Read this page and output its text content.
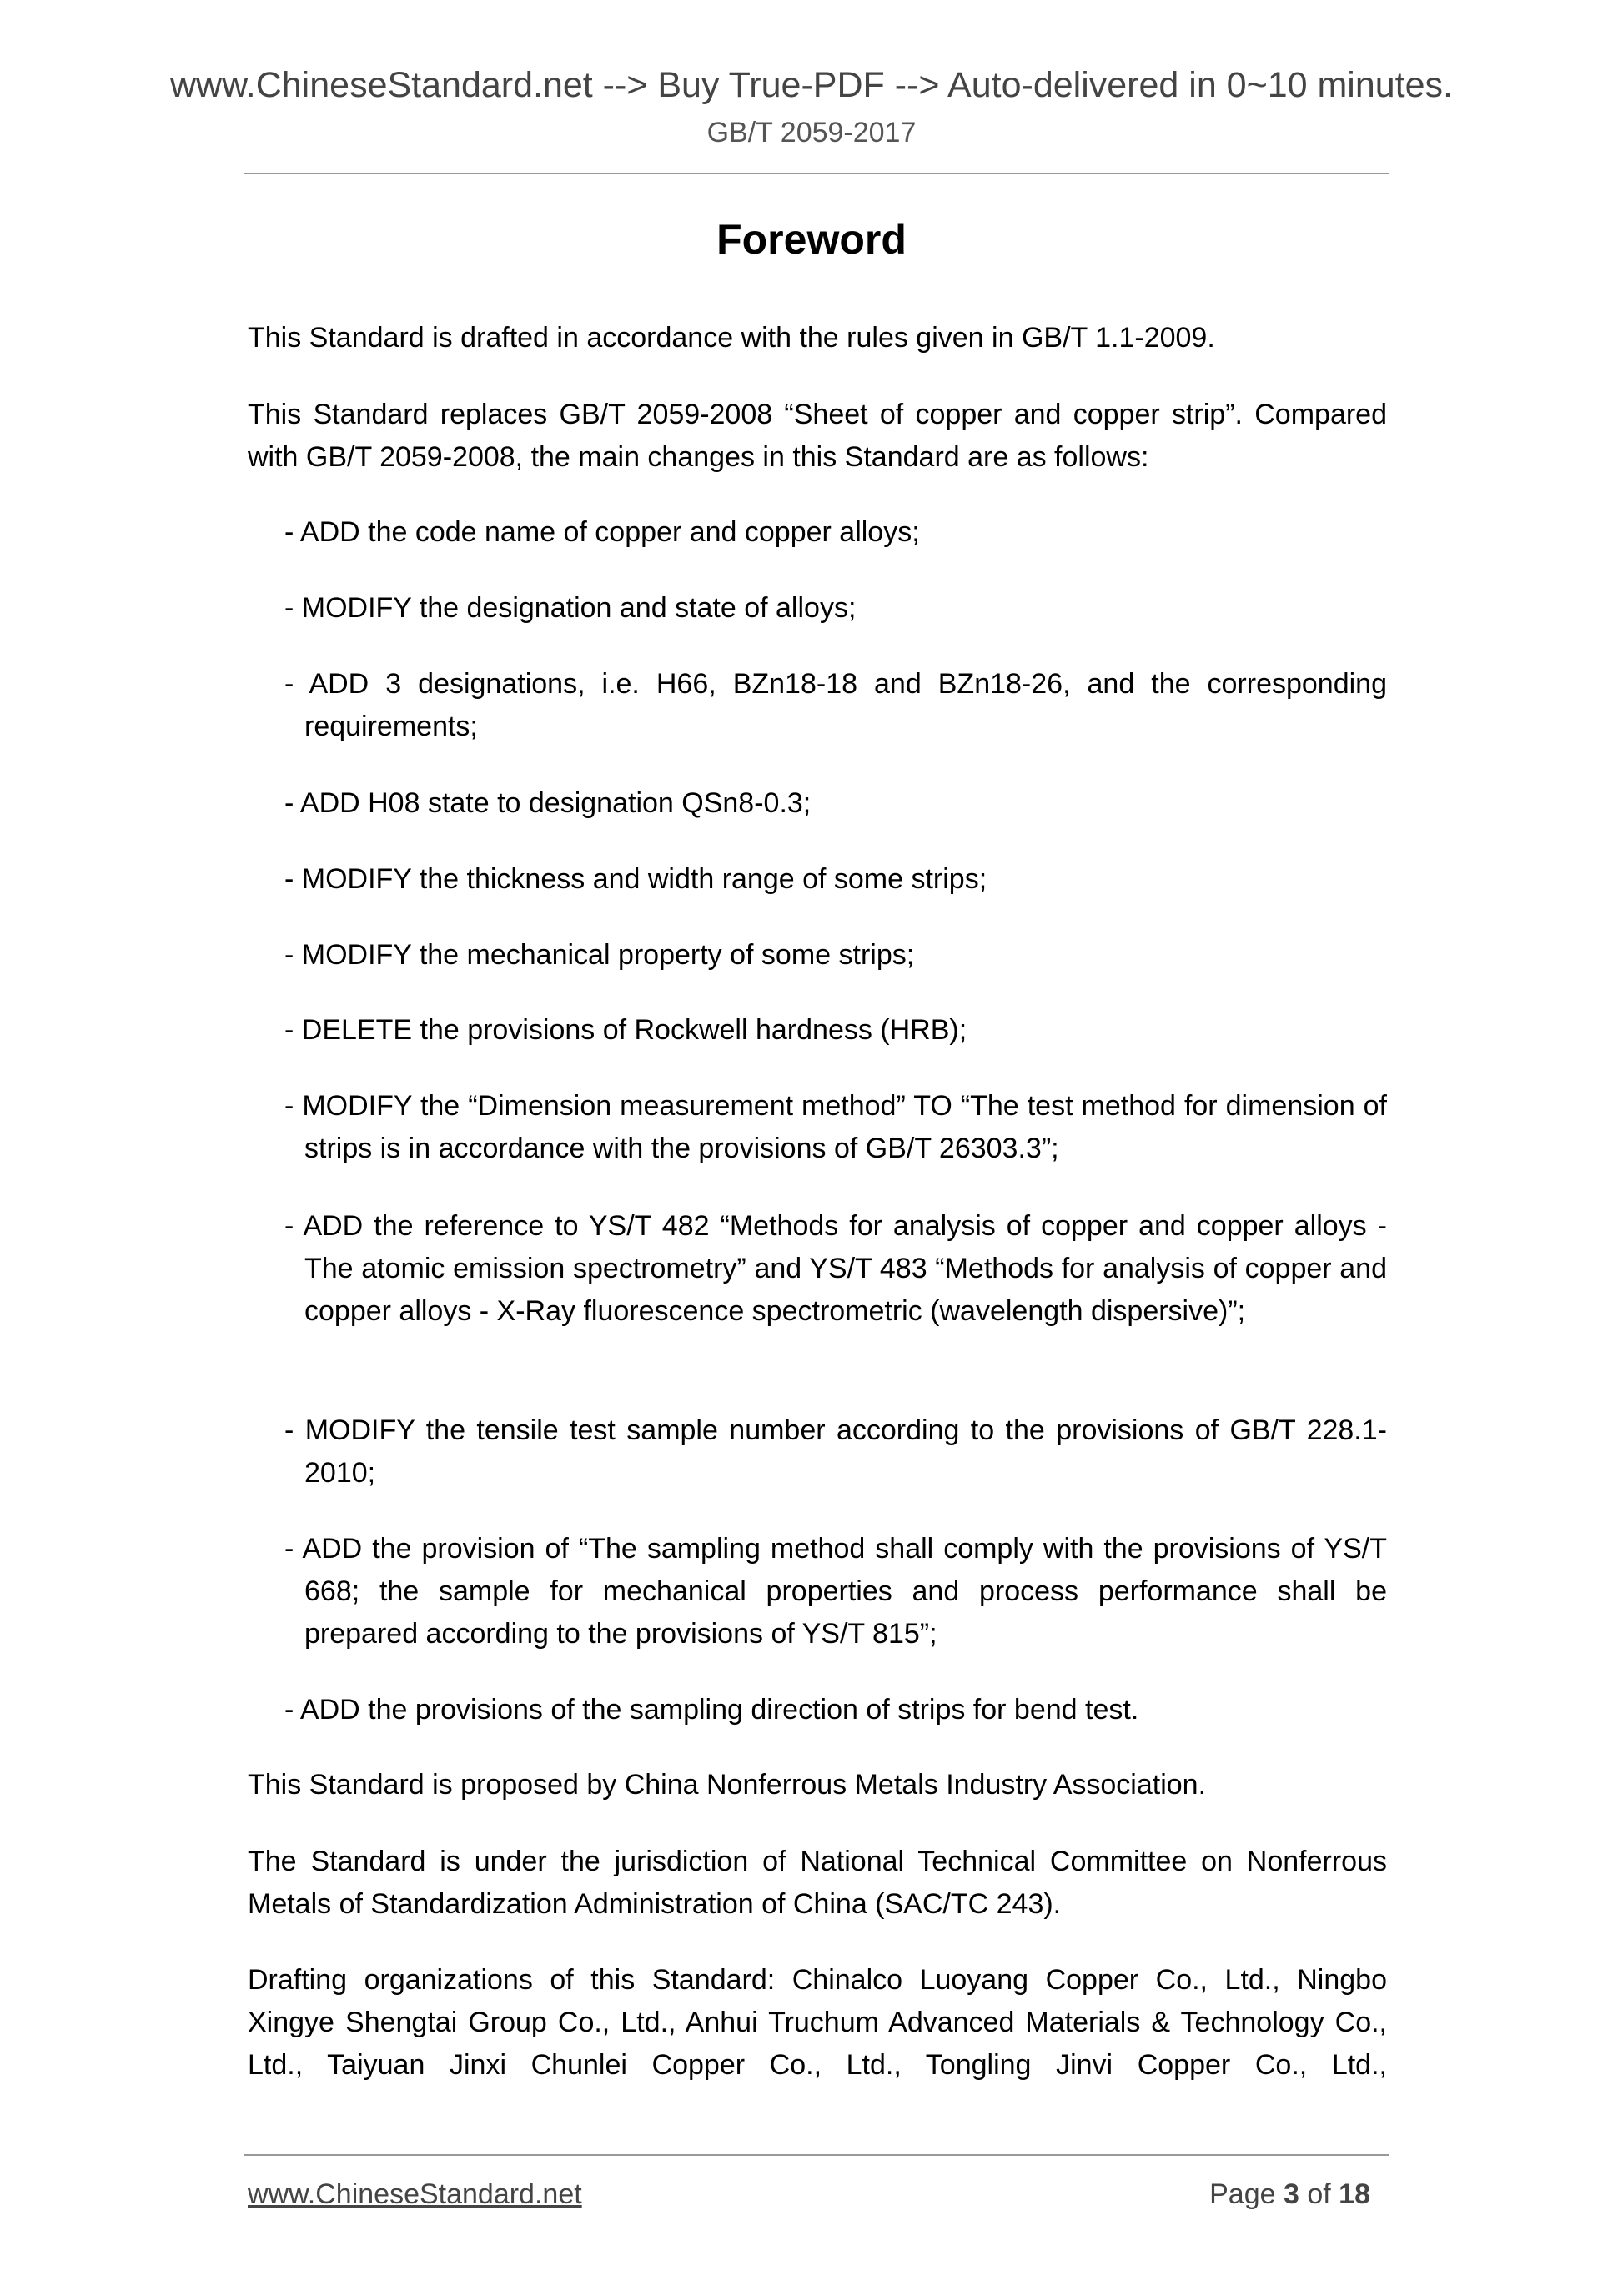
www.ChineseStandard.net --> Buy True-PDF --> Auto-delivered in 0~10 minutes.
GB/T 2059-2017
Foreword
This Standard is drafted in accordance with the rules given in GB/T 1.1-2009.
This Standard replaces GB/T 2059-2008 “Sheet of copper and copper strip”. Compared with GB/T 2059-2008, the main changes in this Standard are as follows:
- ADD the code name of copper and copper alloys;
- MODIFY the designation and state of alloys;
- ADD 3 designations, i.e. H66, BZn18-18 and BZn18-26, and the corresponding requirements;
- ADD H08 state to designation QSn8-0.3;
- MODIFY the thickness and width range of some strips;
- MODIFY the mechanical property of some strips;
- DELETE the provisions of Rockwell hardness (HRB);
- MODIFY the “Dimension measurement method” TO “The test method for dimension of strips is in accordance with the provisions of GB/T 26303.3”;
- ADD the reference to YS/T 482 “Methods for analysis of copper and copper alloys - The atomic emission spectrometry” and YS/T 483 “Methods for analysis of copper and copper alloys - X-Ray fluorescence spectrometric (wavelength dispersive)”;
- MODIFY the tensile test sample number according to the provisions of GB/T 228.1-2010;
- ADD the provision of “The sampling method shall comply with the provisions of YS/T 668; the sample for mechanical properties and process performance shall be prepared according to the provisions of YS/T 815”;
- ADD the provisions of the sampling direction of strips for bend test.
This Standard is proposed by China Nonferrous Metals Industry Association.
The Standard is under the jurisdiction of National Technical Committee on Nonferrous Metals of Standardization Administration of China (SAC/TC 243).
Drafting organizations of this Standard: Chinalco Luoyang Copper Co., Ltd., Ningbo Xingye Shengtai Group Co., Ltd., Anhui Truchum Advanced Materials & Technology Co., Ltd., Taiyuan Jinxi Chunlei Copper Co., Ltd., Tongling Jinvi Copper Co., Ltd.,
www.ChineseStandard.net	Page 3 of 18
